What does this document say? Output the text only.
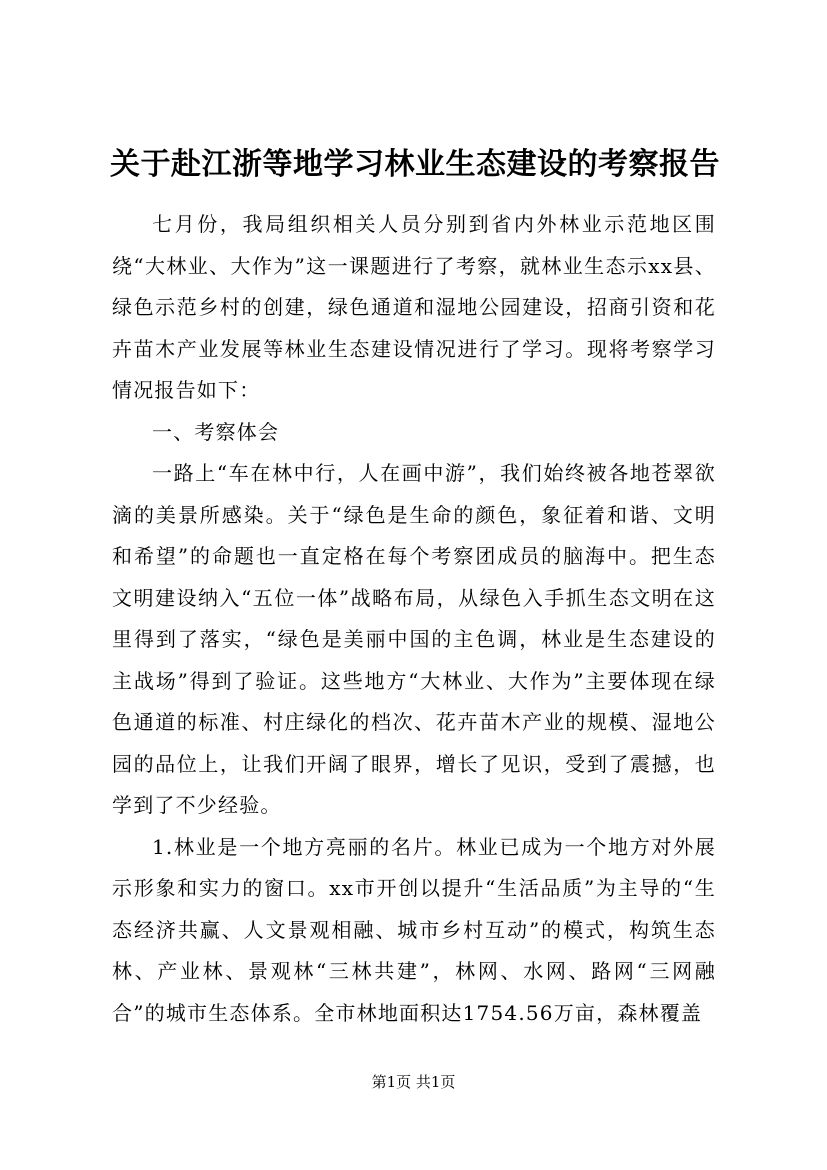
关于赴江浙等地学习林业生态建设的考察报告

七月份，我局组织相关人员分别到省内外林业示范地区围绕“大林业、大作为”这一课题进行了考察，就林业生态示xx县、绿色示范乡村的创建，绿色通道和湿地公园建设，招商引资和花卉苗木产业发展等林业生态建设情况进行了学习。现将考察学习情况报告如下：

一、考察体会

一路上“车在林中行，人在画中游”，我们始终被各地苍翠欲滴的美景所感染。关于“绿色是生命的颜色，象征着和谐、文明和希望”的命题也一直定格在每个考察团成员的脑海中。把生态文明建设纳入“五位一体”战略布局，从绿色入手抓生态文明在这里得到了落实，“绿色是美丽中国的主色调，林业是生态建设的主战场”得到了验证。这些地方“大林业、大作为”主要体现在绿色通道的标准、村庄绿化的档次、花卉苗木产业的规模、湿地公园的品位上，让我们开阔了眼界，增长了见识，受到了震撼，也学到了不少经验。

1.林业是一个地方亮丽的名片。林业已成为一个地方对外展示形象和实力的窗口。xx市开创以提升“生活品质”为主导的“生态经济共赢、人文景观相融、城市乡村互动”的模式，构筑生态林、产业林、景观林“三林共建”，林网、水网、路网“三网融合”的城市生态体系。全市林地面积达1754.56万亩，森林覆盖

第1页 共1页
